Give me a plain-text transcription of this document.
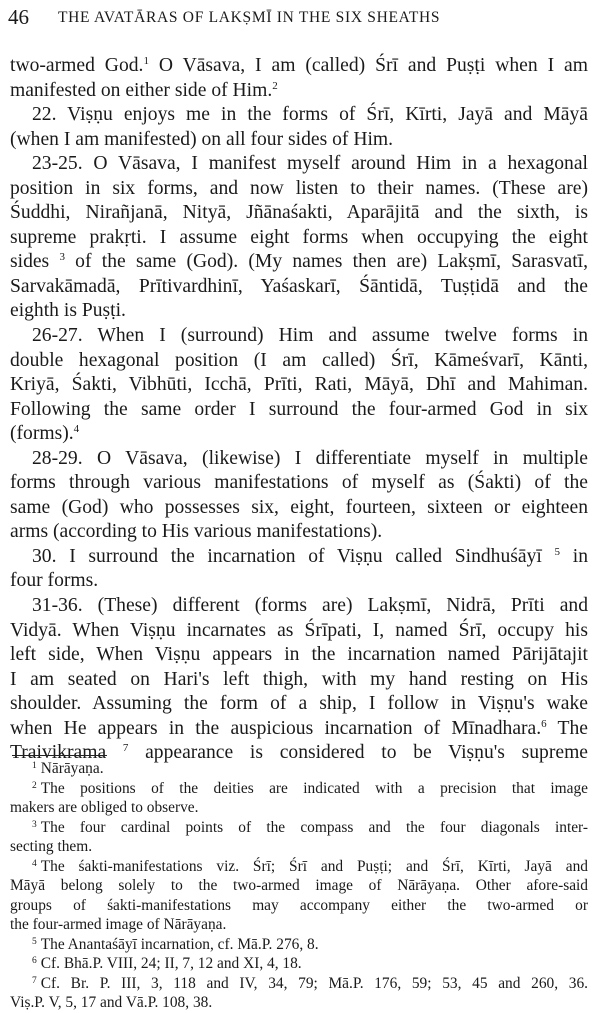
46 THE AVATĀRAS OF LAKṢMĪ IN THE SIX SHEATHS
two-armed God.$^1$ O Vāsava, I am (called) Śrī and Puṣṭi when I am
manifested on either side of Him.$^2$
22. Viṣṇu enjoys me in the forms of Śrī, Kīrti, Jayā and Māyā
(when I am manifested) on all four sides of Him.
23-25. O Vāsava, I manifest myself around Him in a hexagonal
position in six forms, and now listen to their names. (These are)
Śuddhi, Nirañjanā, Nityā, Jñānaśakti, Aparājitā and the sixth, is
supreme prakṛti. I assume eight forms when occupying the eight
sides $^3$ of the same (God). (My names then are) Lakṣmī, Sarasvatī,
Sarvakāmadā, Prītivardhinī, Yaśaskarī, Śāntidā, Tuṣṭidā and the
eighth is Puṣṭi.
26-27. When I (surround) Him and assume twelve forms in
double hexagonal position (I am called) Śrī, Kāmeśvarī, Kānti,
Kriyā, Śakti, Vibhūti, Icchā, Prīti, Rati, Māyā, Dhī and Mahiman.
Following the same order I surround the four-armed God in six
(forms).$^4$
28-29. O Vāsava, (likewise) I differentiate myself in multiple
forms through various manifestations of myself as (Śakti) of the
same (God) who possesses six, eight, fourteen, sixteen or eighteen
arms (according to His various manifestations).
30. I surround the incarnation of Viṣṇu called Sindhuśāyī $^5$ in
four forms.
31-36. (These) different (forms are) Lakṣmī, Nidrā, Prīti and
Vidyā. When Viṣṇu incarnates as Śrīpati, I, named Śrī, occupy his
left side, When Viṣṇu appears in the incarnation named Pārijātajit
I am seated on Hari's left thigh, with my hand resting on His
shoulder. Assuming the form of a ship, I follow in Viṣṇu's wake
when He appears in the auspicious incarnation of Mīnadhara.$^6$ The
Traivikrama $^7$ appearance is considered to be Viṣṇu's supreme
$^1$ Nārāyaṇa.
$^2$ The positions of the deities are indicated with a precision that image
makers are obliged to observe.
$^3$ The four cardinal points of the compass and the four diagonals inter-
secting them.
$^4$ The śakti-manifestations viz. Śrī; Śrī and Puṣṭi; and Śrī, Kīrti, Jayā and
Māyā belong solely to the two-armed image of Nārāyaṇa. Other afore-said
groups of śakti-manifestations may accompany either the two-armed or
the four-armed image of Nārāyaṇa.
$^5$ The Anantaśāyī incarnation, cf. Mā.P. 276, 8.
$^6$ Cf. Bhā.P. VIII, 24; II, 7, 12 and XI, 4, 18.
$^7$ Cf. Br. P. III, 3, 118 and IV, 34, 79; Mā.P. 176, 59; 53, 45 and 260, 36.
Viṣ.P. V, 5, 17 and Vā.P. 108, 38.
